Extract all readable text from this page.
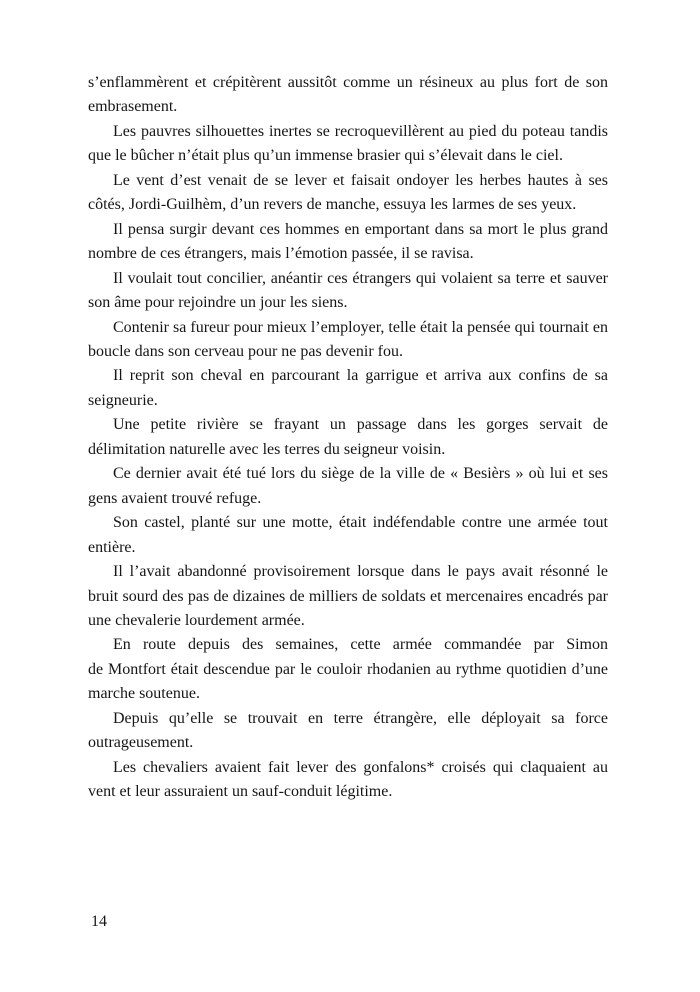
s’enflammèrent et crépitèrent aussitôt comme un résineux au plus fort de son embrasement.

Les pauvres silhouettes inertes se recroquevillèrent au pied du poteau tandis que le bûcher n’était plus qu’un immense brasier qui s’élevait dans le ciel.

Le vent d’est venait de se lever et faisait ondoyer les herbes hautes à ses côtés, Jordi-Guilhèm, d’un revers de manche, essuya les larmes de ses yeux.

Il pensa surgir devant ces hommes en emportant dans sa mort le plus grand nombre de ces étrangers, mais l’émotion passée, il se ravisa.

Il voulait tout concilier, anéantir ces étrangers qui volaient sa terre et sauver son âme pour rejoindre un jour les siens.

Contenir sa fureur pour mieux l’employer, telle était la pensée qui tournait en boucle dans son cerveau pour ne pas devenir fou.

Il reprit son cheval en parcourant la garrigue et arriva aux confins de sa seigneurie.

Une petite rivière se frayant un passage dans les gorges servait de délimitation naturelle avec les terres du seigneur voisin.

Ce dernier avait été tué lors du siège de la ville de « Besièrs » où lui et ses gens avaient trouvé refuge.

Son castel, planté sur une motte, était indéfendable contre une armée tout entière.

Il l’avait abandonné provisoirement lorsque dans le pays avait résonné le bruit sourd des pas de dizaines de milliers de soldats et mercenaires encadrés par une chevalerie lourdement armée.

En route depuis des semaines, cette armée commandée par Simon de Montfort était descendue par le couloir rhodanien au rythme quotidien d’une marche soutenue.

Depuis qu’elle se trouvait en terre étrangère, elle déployait sa force outrageusement.

Les chevaliers avaient fait lever des gonfalons* croisés qui claquaient au vent et leur assuraient un sauf-conduit légitime.

14
